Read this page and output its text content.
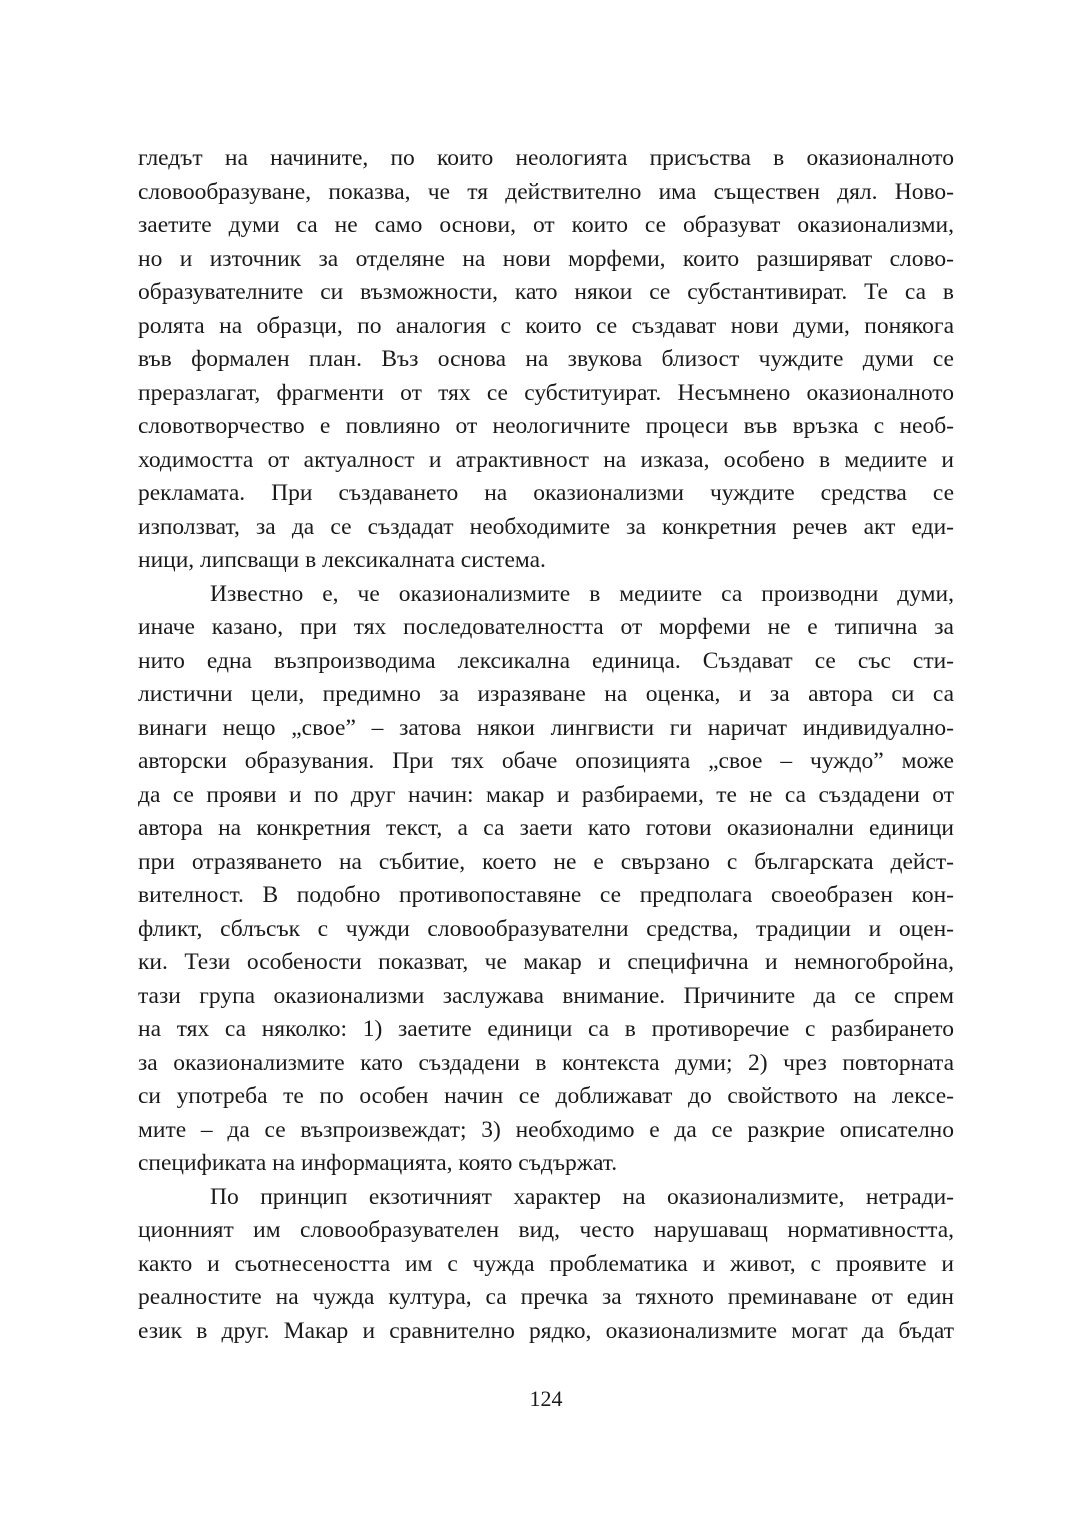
гледът на начините, по които неологията присъства в оказионалното
словообразуване, показва, че тя действително има съществен дял. Ново-
заетите думи са не само основи, от които се образуват оказионализми,
но и източник за отделяне на нови морфеми, които разширяват слово-
образувателните си възможности, като някои се субстантивират. Те са в
ролята на образци, по аналогия с които се създават нови думи, понякога
във формален план. Въз основа на звукова близост чуждите думи се
преразлагат, фрагменти от тях се субституират. Несъмнено оказионалното
словотворчество е повлияно от неологичните процеси във връзка с необ-
ходимостта от актуалност и атрактивност на изказа, особено в медиите и
рекламата. При създаването на оказионализми чуждите средства се
използват, за да се създадат необходимите за конкретния речев акт еди-
ници, липсващи в лексикалната система.
Известно е, че оказионализмите в медиите са производни думи,
иначе казано, при тях последователността от морфеми не е типична за
нито една възпроизводима лексикална единица. Създават се със сти-
листични цели, предимно за изразяване на оценка, и за автора си са
винаги нещо „свое” – затова някои лингвисти ги наричат индивидуално-
авторски образувания. При тях обаче опозицията „свое – чуждо” може
да се прояви и по друг начин: макар и разбираеми, те не са създадени от
автора на конкретния текст, а са заети като готови оказионални единици
при отразяването на събитие, което не е свързано с българската дейст-
вителност. В подобно противопоставяне се предполага своеобразен кон-
фликт, сблъсък с чужди словообразувателни средства, традиции и оцен-
ки. Тези особености показват, че макар и специфична и немногобройна,
тази група оказионализми заслужава внимание. Причините да се спрем
на тях са няколко: 1) заетите единици са в противоречие с разбирането
за оказионализмите като създадени в контекста думи; 2) чрез повторната
си употреба те по особен начин се доближават до свойството на лексе-
мите – да се възпроизвеждат; 3) необходимо е да се разкрие описателно
спецификата на информацията, която съдържат.
По принцип екзотичният характер на оказионализмите, нетради-
ционният им словообразувателен вид, често нарушаващ нормативността,
както и съотнесеността им с чужда проблематика и живот, с проявите и
реалностите на чужда култура, са пречка за тяхното преминаване от един
език в друг. Макар и сравнително рядко, оказионализмите могат да бъдат
124
